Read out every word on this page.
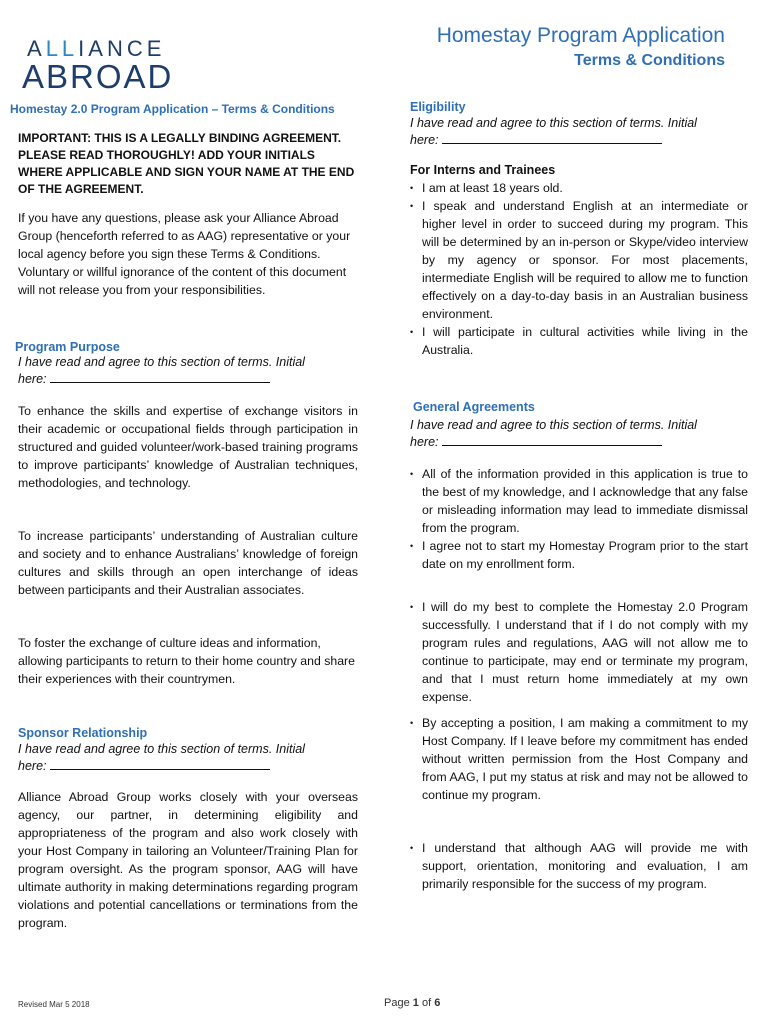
ALLIANCE
ABROAD
Homestay Program Application
Terms & Conditions
Homestay 2.0 Program Application – Terms & Conditions
IMPORTANT: THIS IS A LEGALLY BINDING AGREEMENT. PLEASE READ THOROUGHLY! ADD YOUR INITIALS WHERE APPLICABLE AND SIGN YOUR NAME AT THE END OF THE AGREEMENT.
If you have any questions, please ask your Alliance Abroad Group (henceforth referred to as AAG) representative or your local agency before you sign these Terms & Conditions. Voluntary or willful ignorance of the content of this document will not release you from your responsibilities.
Program Purpose
I have read and agree to this section of terms. Initial
here:
To enhance the skills and expertise of exchange visitors in their academic or occupational fields through participation in structured and guided volunteer/work-based training programs to improve participants’ knowledge of Australian techniques, methodologies, and technology.
To increase participants’ understanding of Australian culture and society and to enhance Australians’ knowledge of foreign cultures and skills through an open interchange of ideas between participants and their Australian associates.
To foster the exchange of culture ideas and information, allowing participants to return to their home country and share their experiences with their countrymen.
Sponsor Relationship
I have read and agree to this section of terms. Initial
here:
Alliance Abroad Group works closely with your overseas agency, our partner, in determining eligibility and appropriateness of the program and also work closely with your Host Company in tailoring an Volunteer/Training Plan for program oversight. As the program sponsor, AAG will have ultimate authority in making determinations regarding program violations and potential cancellations or terminations from the program.
Eligibility
I have read and agree to this section of terms. Initial
here:
For Interns and Trainees
• I am at least 18 years old.
• I speak and understand English at an intermediate or higher level in order to succeed during my program. This will be determined by an in-person or Skype/video interview by my agency or sponsor. For most placements, intermediate English will be required to allow me to function effectively on a day-to-day basis in an Australian business environment.
• I will participate in cultural activities while living in the Australia.
General Agreements
I have read and agree to this section of terms. Initial
here:
• All of the information provided in this application is true to the best of my knowledge, and I acknowledge that any false or misleading information may lead to immediate dismissal from the program.
• I agree not to start my Homestay Program prior to the start date on my enrollment form.
• I will do my best to complete the Homestay 2.0 Program successfully. I understand that if I do not comply with my program rules and regulations, AAG will not allow me to continue to participate, may end or terminate my program, and that I must return home immediately at my own expense.
• By accepting a position, I am making a commitment to my Host Company. If I leave before my commitment has ended without written permission from the Host Company and from AAG, I put my status at risk and may not be allowed to continue my program.
• I understand that although AAG will provide me with support, orientation, monitoring and evaluation, I am primarily responsible for the success of my program.
Revised Mar 5 2018	Page 1 of 6
